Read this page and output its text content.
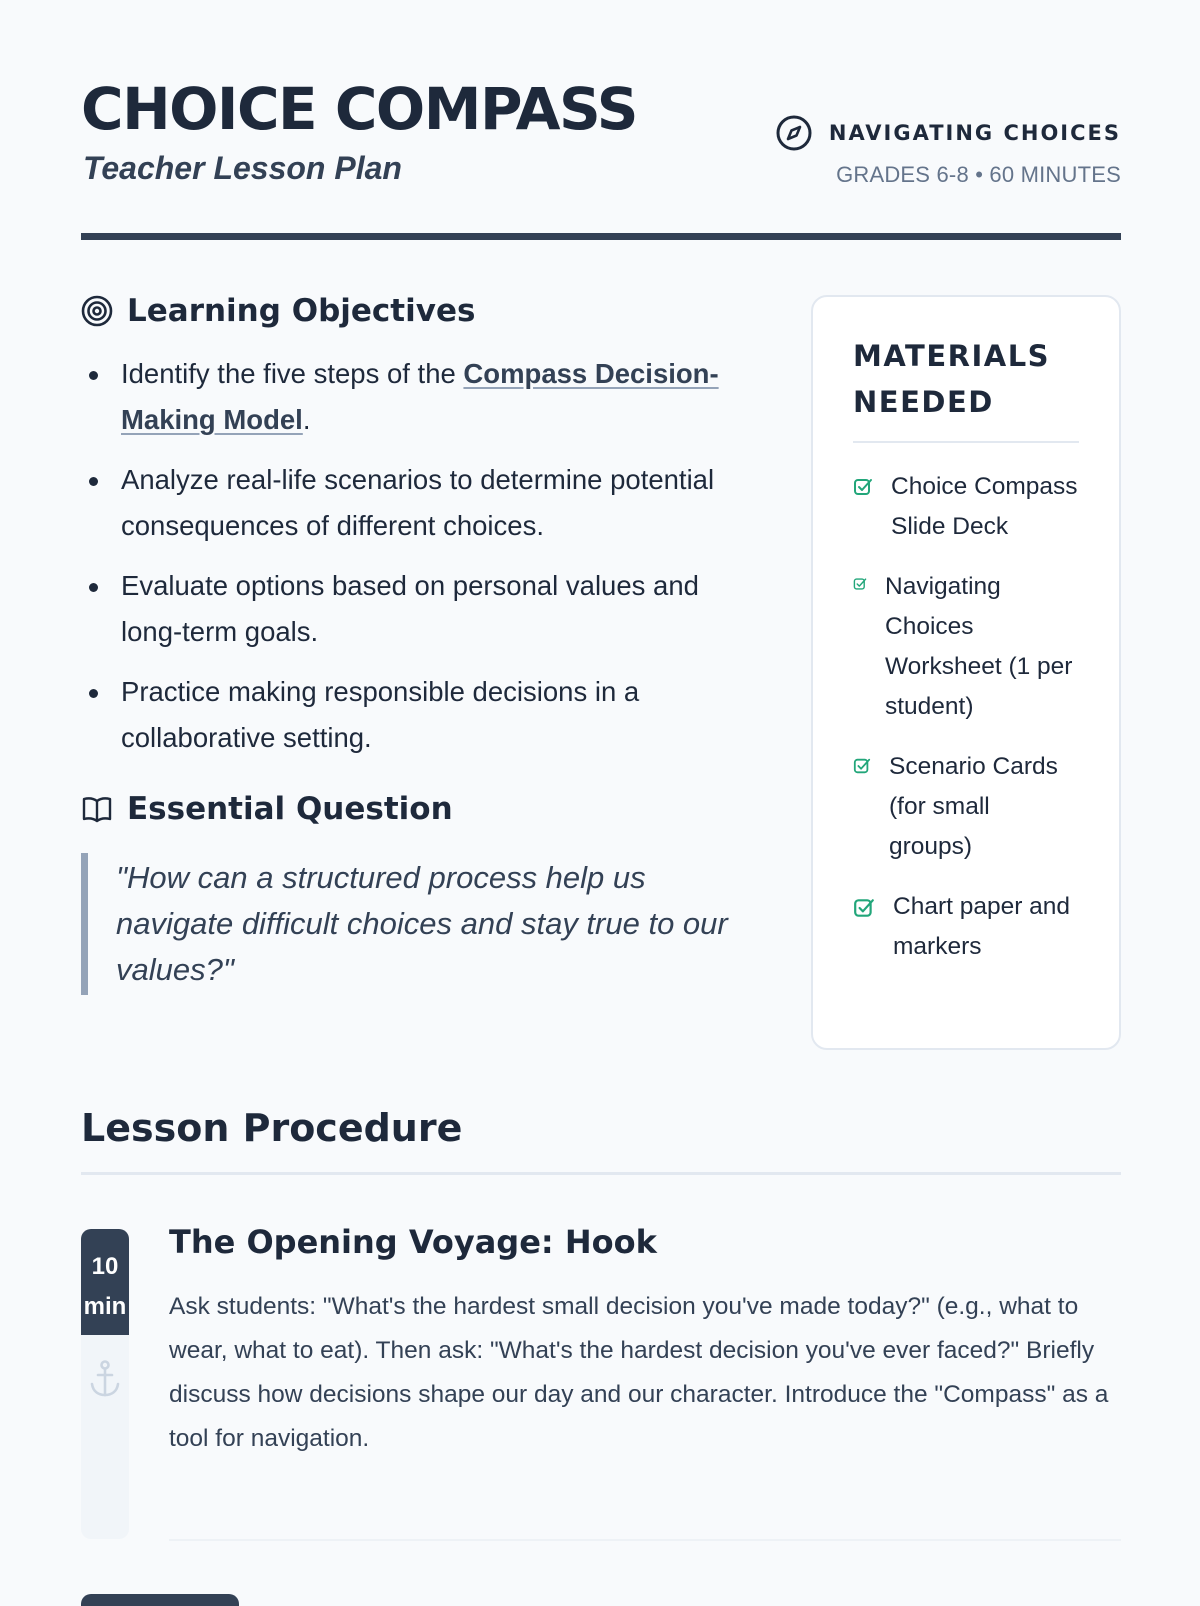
CHOICE COMPASS

Teacher Lesson Plan

NAVIGATING CHOICES
GRADES 6-8 • 60 MINUTES
Learning Objectives
Identify the five steps of the Compass Decision-Making Model.
Analyze real-life scenarios to determine potential consequences of different choices.
Evaluate options based on personal values and long-term goals.
Practice making responsible decisions in a collaborative setting.
Essential Question
"How can a structured process help us navigate difficult choices and stay true to our values?"
MATERIALS NEEDED
Choice Compass Slide Deck
Navigating Choices Worksheet (1 per student)
Scenario Cards (for small groups)
Chart paper and markers
Lesson Procedure
10
min
The Opening Voyage: Hook

Ask students: "What's the hardest small decision you've made today?" (e.g., what to wear, what to eat). Then ask: "What's the hardest decision you've ever faced?" Briefly discuss how decisions shape our day and our character. Introduce the "Compass" as a tool for navigation.
